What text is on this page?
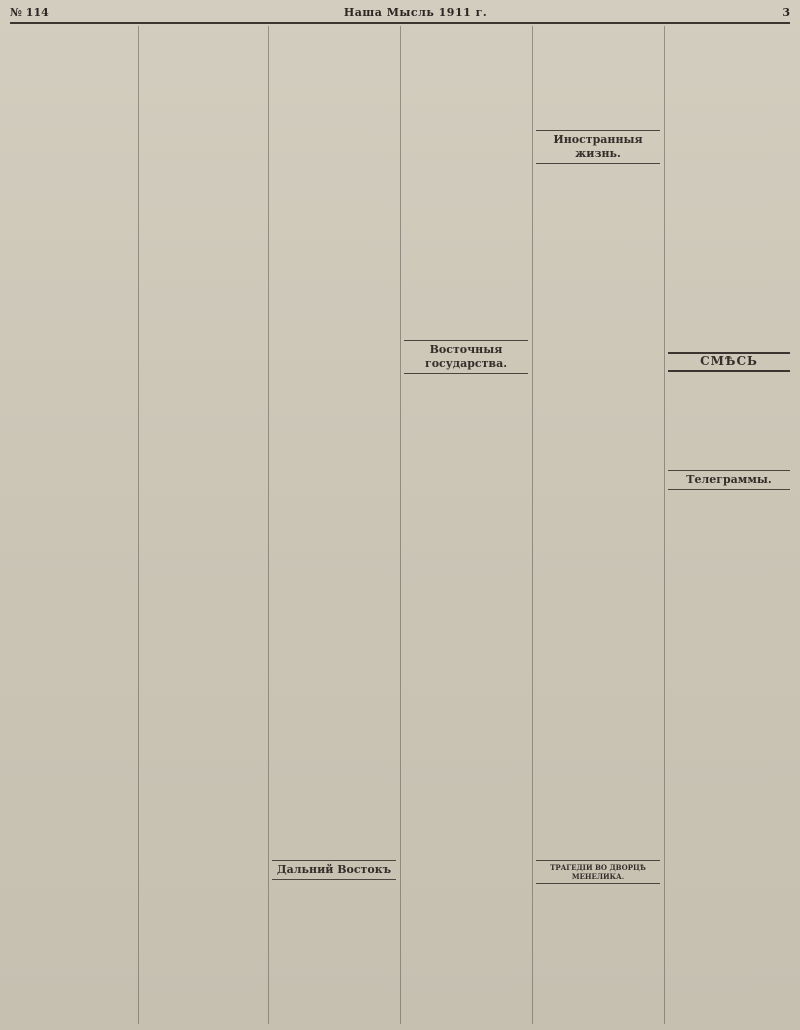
№ 114	Наша Мысль 1911 г.	3
Дальний Востокъ
Восточныя государства.
Иностранныя жизнь.
ТРАГЕДІИ ВО ДВОРЦѢ МЕНЕЛИКА.
СМѢСЬ
Телеграммы.
